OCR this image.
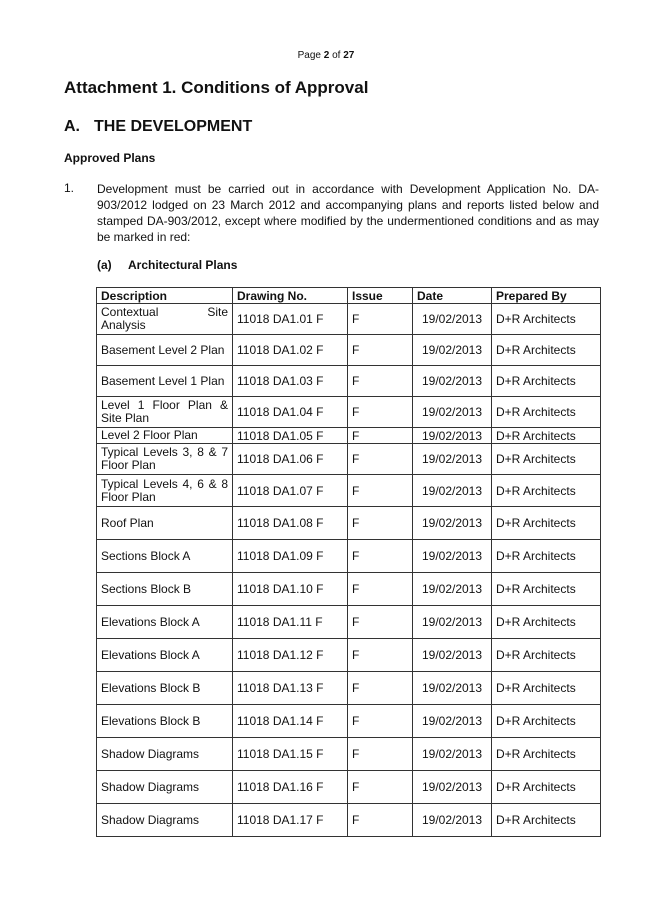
Page 2 of 27
Attachment 1. Conditions of Approval
A. THE DEVELOPMENT
Approved Plans
1. Development must be carried out in accordance with Development Application No. DA-903/2012 lodged on 23 March 2012 and accompanying plans and reports listed below and stamped DA-903/2012, except where modified by the undermentioned conditions and as may be marked in red:
(a) Architectural Plans
Description	Drawing No.	Issue	Date	Prepared By
Contextual Site Analysis	11018 DA1.01 F	F	19/02/2013	D+R Architects
Basement Level 2 Plan	11018 DA1.02 F	F	19/02/2013	D+R Architects
Basement Level 1 Plan	11018 DA1.03 F	F	19/02/2013	D+R Architects
Level 1 Floor Plan & Site Plan	11018 DA1.04 F	F	19/02/2013	D+R Architects
Level 2 Floor Plan	11018 DA1.05 F	F	19/02/2013	D+R Architects
Typical Levels 3, 8 & 7 Floor Plan	11018 DA1.06 F	F	19/02/2013	D+R Architects
Typical Levels 4, 6 & 8 Floor Plan	11018 DA1.07 F	F	19/02/2013	D+R Architects
Roof Plan	11018 DA1.08 F	F	19/02/2013	D+R Architects
Sections Block A	11018 DA1.09 F	F	19/02/2013	D+R Architects
Sections Block B	11018 DA1.10 F	F	19/02/2013	D+R Architects
Elevations Block A	11018 DA1.11 F	F	19/02/2013	D+R Architects
Elevations Block A	11018 DA1.12 F	F	19/02/2013	D+R Architects
Elevations Block B	11018 DA1.13 F	F	19/02/2013	D+R Architects
Elevations Block B	11018 DA1.14 F	F	19/02/2013	D+R Architects
Shadow Diagrams	11018 DA1.15 F	F	19/02/2013	D+R Architects
Shadow Diagrams	11018 DA1.16 F	F	19/02/2013	D+R Architects
Shadow Diagrams	11018 DA1.17 F	F	19/02/2013	D+R Architects
